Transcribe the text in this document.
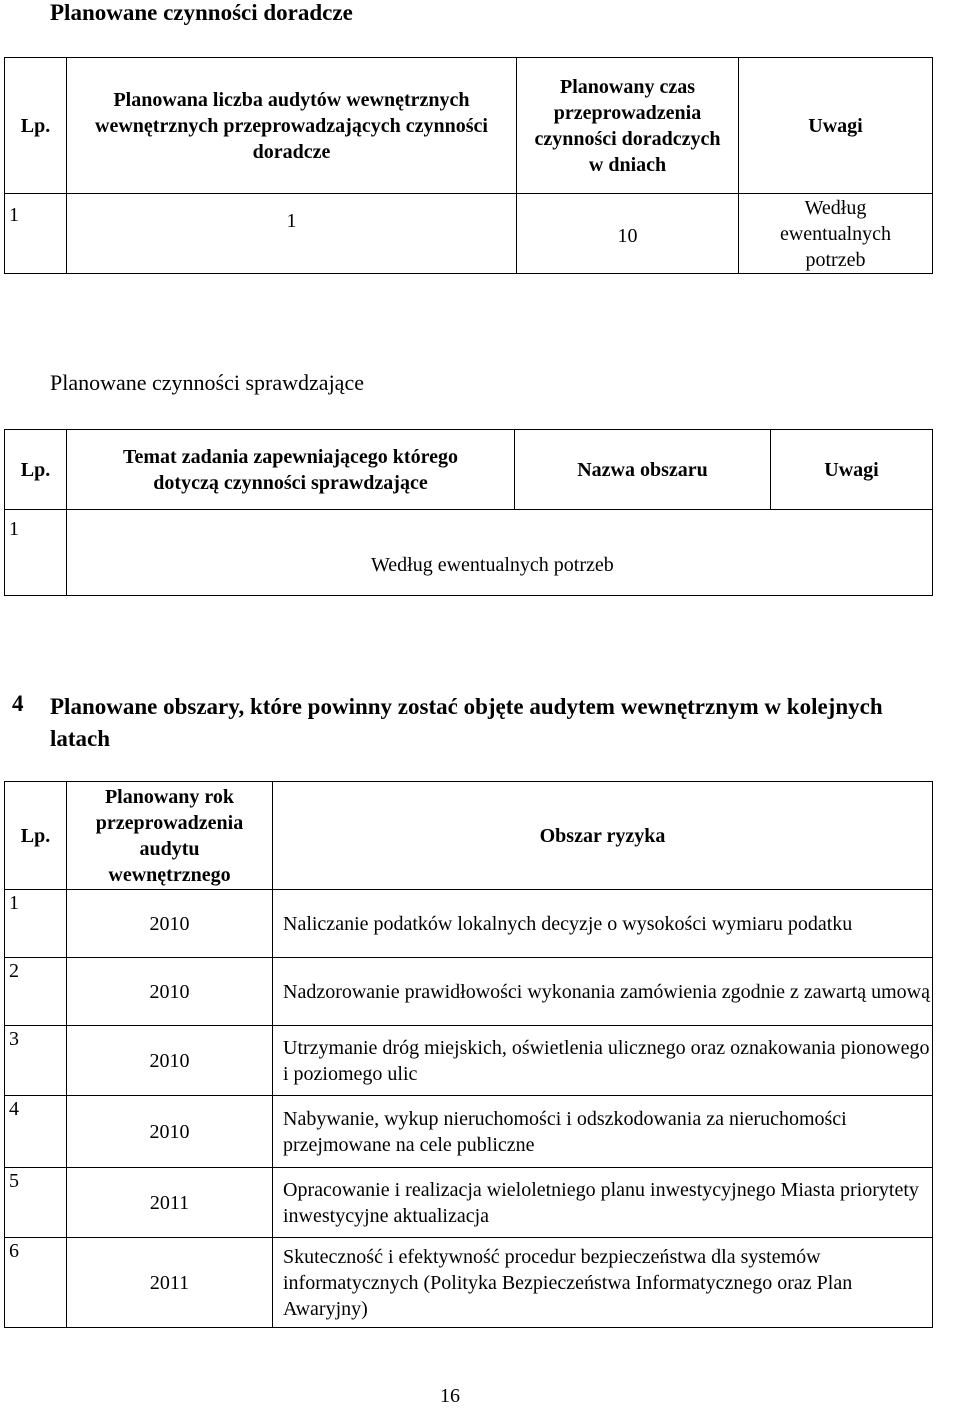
Planowane czynności doradcze
Lp.	Planowana liczba audytów wewnętrznych wewnętrznych przeprowadzających czynności doradcze	Planowany czas przeprowadzenia czynności doradczych w dniach	Uwagi
1	1	10	Według ewentualnych potrzeb
Planowane czynności sprawdzające
Lp.	Temat zadania zapewniającego którego dotyczą czynności sprawdzające	Nazwa obszaru	Uwagi
1	Według ewentualnych potrzeb		
4 Planowane obszary, które powinny zostać objęte audytem wewnętrznym w kolejnych latach
Lp.	Planowany rok przeprowadzenia audytu wewnętrznego	Obszar ryzyka
1	2010	Naliczanie podatków lokalnych decyzje o wysokości wymiaru podatku
2	2010	Nadzorowanie prawidłowości wykonania zamówienia zgodnie z zawartą umową
3	2010	Utrzymanie dróg miejskich, oświetlenia ulicznego oraz oznakowania pionowego i poziomego ulic
4	2010	Nabywanie, wykup nieruchomości i odszkodowania za nieruchomości przejmowane na cele publiczne
5	2011	Opracowanie i realizacja wieloletniego planu inwestycyjnego Miasta priorytety inwestycyjne aktualizacja
6	2011	Skuteczność i efektywność procedur bezpieczeństwa dla systemów informatycznych (Polityka Bezpieczeństwa Informatycznego oraz Plan Awaryjny)
16
